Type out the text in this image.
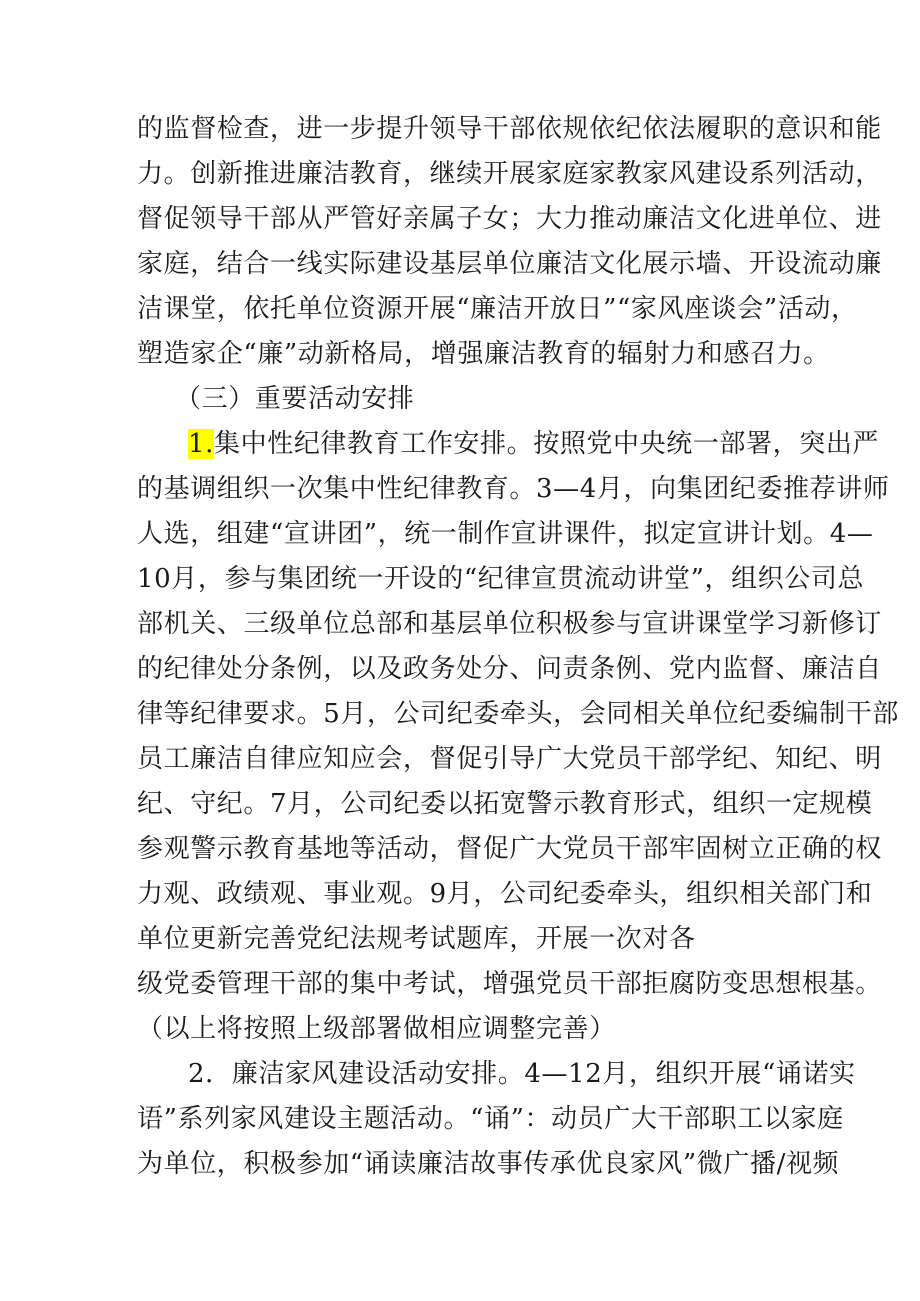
的监督检查，进一步提升领导干部依规依纪依法履职的意识和能
力。创新推进廉洁教育，继续开展家庭家教家风建设系列活动，
督促领导干部从严管好亲属子女；大力推动廉洁文化进单位、进
家庭，结合一线实际建设基层单位廉洁文化展示墙、开设流动廉
洁课堂，依托单位资源开展“廉洁开放日”“家风座谈会”活动，
塑造家企“廉”动新格局，增强廉洁教育的辐射力和感召力。
（三）重要活动安排
1.集中性纪律教育工作安排。按照党中央统一部署，突出严
的基调组织一次集中性纪律教育。3—4月，向集团纪委推荐讲师
人选，组建“宣讲团”，统一制作宣讲课件，拟定宣讲计划。4—
10月，参与集团统一开设的“纪律宣贯流动讲堂”，组织公司总
部机关、三级单位总部和基层单位积极参与宣讲课堂学习新修订
的纪律处分条例，以及政务处分、问责条例、党内监督、廉洁自
律等纪律要求。5月，公司纪委牵头，会同相关单位纪委编制干部
员工廉洁自律应知应会，督促引导广大党员干部学纪、知纪、明
纪、守纪。7月，公司纪委以拓宽警示教育形式，组织一定规模
参观警示教育基地等活动，督促广大党员干部牢固树立正确的权
力观、政绩观、事业观。9月，公司纪委牵头，组织相关部门和
单位更新完善党纪法规考试题库，开展一次对各
级党委管理干部的集中考试，增强党员干部拒腐防变思想根基。
（以上将按照上级部署做相应调整完善）
2．廉洁家风建设活动安排。4—12月，组织开展“诵诺实
语”系列家风建设主题活动。“诵”：动员广大干部职工以家庭
为单位，积极参加“诵读廉洁故事传承优良家风”微广播/视频
